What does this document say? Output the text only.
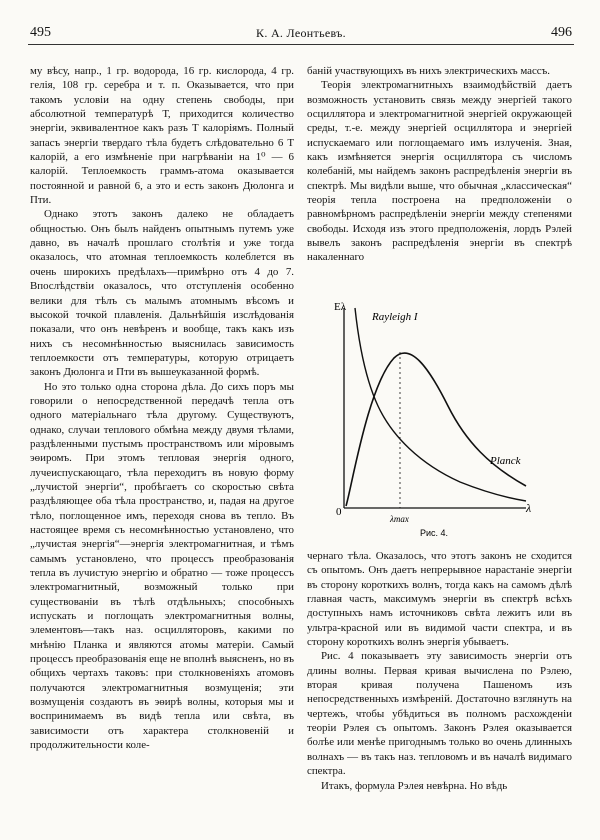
495	К. А. Леонтьевъ.	496

му вѣсу, напр., 1 гр. водорода, 16 гр. кислорода, 4 гр. гелія, 108 гр. серебра и т. п. Оказывается, что при такомъ условіи на одну степень свободы, при абсолютной температурѣ Т, приходится количество энергіи, эквивалентное какъ разъ Т калоріямъ. Полный запасъ энергіи твердаго тѣла будетъ слѣдовательно 6 Т калорій, а его измѣненіе при нагрѣваніи на 1⁰ — 6 калорій. Теплоемкость граммъ-атома оказывается постоянной и равной 6, а это и есть законъ Дюлонга и Пти.

Однако этотъ законъ далеко не обладаетъ общностью. Онъ былъ найденъ опытнымъ путемъ уже давно, въ началѣ прошлаго столѣтія и уже тогда оказалось, что атомная теплоемкость колеблется въ очень широкихъ предѣлахъ—примѣрно отъ 4 до 7. Впослѣдствіи оказалось, что отступленія особенно велики для тѣлъ съ малымъ атомнымъ вѣсомъ и высокой точкой плавленія. Дальнѣйшія изслѣдованія показали, что онъ невѣренъ и вообще, такъ какъ изъ нихъ съ несомнѣнностью выяснилась зависимость теплоемкости отъ температуры, которую отрицаетъ законъ Дюлонга и Пти въ вышеуказанной формѣ.

Но это только одна сторона дѣла. До сихъ поръ мы говорили о непосредственной передачѣ тепла отъ одного матеріальнаго тѣла другому. Существуютъ, однако, случаи теплового обмѣна между двумя тѣлами, раздѣленными пустымъ пространствомъ или міровымъ эѳиромъ. При этомъ тепловая энергія одного, лучеиспускающаго, тѣла переходитъ въ новую форму „лучистой энергіи“, пробѣгаетъ со скоростью свѣта раздѣляющее оба тѣла пространство, и, падая на другое тѣло, поглощенное имъ, переходя снова въ тепло. Въ настоящее время съ несомнѣнностью установлено, что „лучистая энергія“—энергія электромагнитная, и тѣмъ самымъ установлено, что процессъ преобразованія тепла въ лучистую энергію и обратно — тоже процессъ электромагнитный, возможный только при существованіи въ тѣлѣ отдѣльныхъ; способныхъ испускать и поглощать электромагнитныя волны, элементовъ—такъ наз. осцилляторовъ, какими по мнѣнію Планка и являются атомы матеріи. Самый процессъ преобразованія еще не вполнѣ выясненъ, но въ общихъ чертахъ таковъ: при столкновеніяхъ атомовъ получаются электромагнитныя возмущенія; эти возмущенія создаютъ въ эѳирѣ волны, которыя мы и воспринимаемъ въ видѣ тепла или свѣта, въ зависимости отъ характера столкновеній и продолжительности коле-

баній участвующихъ въ нихъ электрическихъ массъ.

Теорія электромагнитныхъ взаимодѣйствій даетъ возможность установить связь между энергіей такого осциллятора и электромагнитной энергіей окружающей среды, т.-е. между энергіей осциллятора и энергіей испускаемаго или поглощаемаго имъ излученія. Зная, какъ измѣняется энергія осциллятора съ числомъ колебаній, мы найдемъ законъ распредѣленія энергіи въ спектрѣ. Мы видѣли выше, что обычная „классическая“ теорія тепла построена на предположеніи о равномѣрномъ распредѣленіи энергіи между степенями свободы. Исходя изъ этого предположенія, лордъ Рэлей вывелъ законъ распредѣленія энергіи въ спектрѣ накаленнаго

Eλ
λ
0
λmax
Rayleigh I
Planck
Рис. 4.

чернаго тѣла. Оказалось, что этотъ законъ не сходится съ опытомъ. Онъ даетъ непрерывное нарастаніе энергіи въ сторону короткихъ волнъ, тогда какъ на самомъ дѣлѣ главная часть, максимумъ энергіи въ спектрѣ всѣхъ доступныхъ намъ источниковъ свѣта лежитъ или въ ультра-красной или въ видимой части спектра, и въ сторону короткихъ волнъ энергія убываетъ.

Рис. 4 показываетъ эту зависимость энергіи отъ длины волны. Первая кривая вычислена по Рэлею, вторая кривая получена Пашеномъ изъ непосредственныхъ измѣреній. Достаточно взглянуть на чертежъ, чтобы убѣдиться въ полномъ расхожденіи теоріи Рэлея съ опытомъ. Законъ Рэлея оказывается болѣе или менѣе пригоднымъ только во очень длинныхъ волнахъ — въ такъ наз. тепловомъ и въ началѣ видимаго спектра.

Итакъ, формула Рэлея невѣрна. Но вѣдь
